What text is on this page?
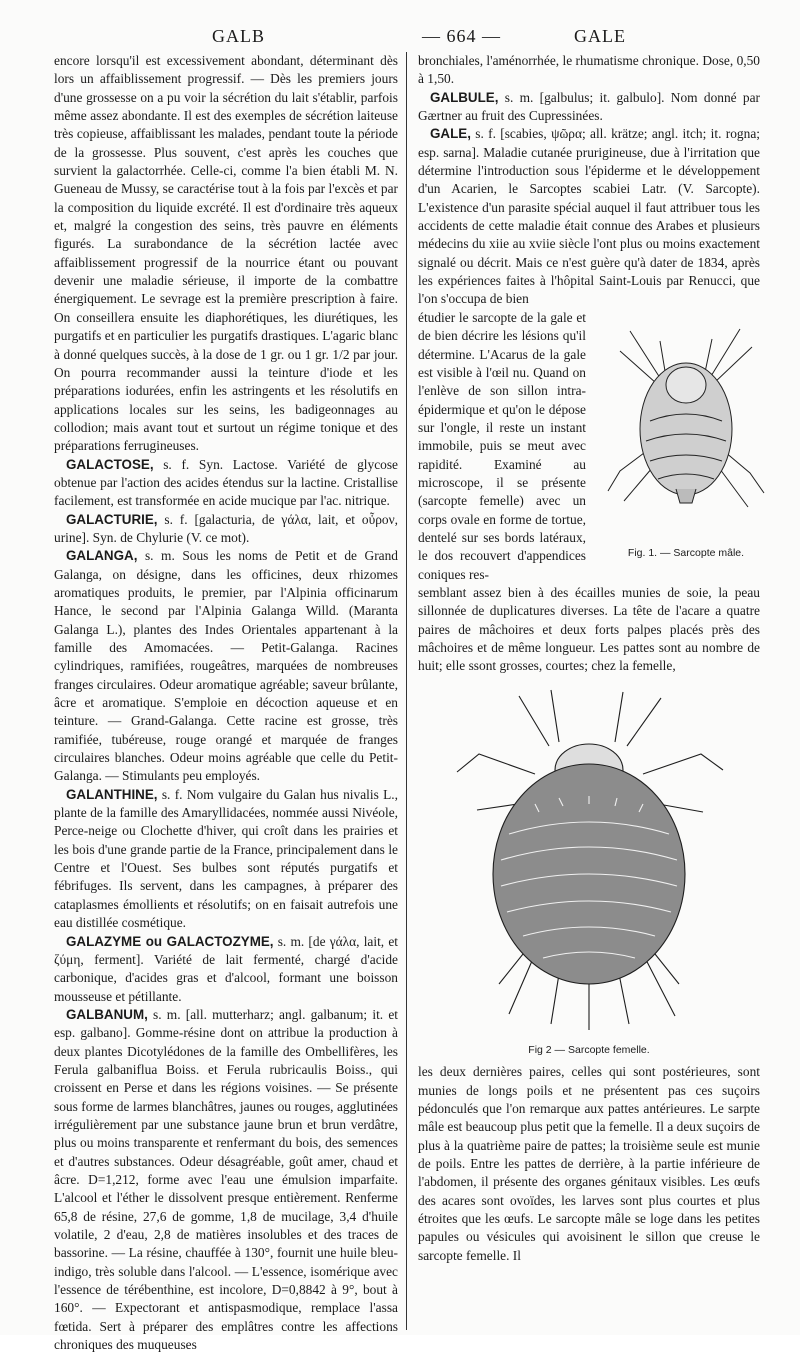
GALB	— 664 —	GALE

encore lorsqu'il est excessivement abondant, déterminant dès lors un affaiblissement progressif. — Dès les premiers jours d'une grossesse on a pu voir la sécrétion du lait s'établir, parfois même assez abondante. Il est des exemples de sécrétion laiteuse très copieuse, affaiblissant les malades, pendant toute la période de la grossesse. Plus souvent, c'est après les couches que survient la galactorrhée. Celle-ci, comme l'a bien établi M. N. Gueneau de Mussy, se caractérise tout à la fois par l'excès et par la composition du liquide excrété. Il est d'ordinaire très aqueux et, malgré la congestion des seins, très pauvre en éléments figurés. La surabondance de la sécrétion lactée avec affaiblissement progressif de la nourrice étant ou pouvant devenir une maladie sérieuse, il importe de la combattre énergiquement. Le sevrage est la première prescription à faire. On conseillera ensuite les diaphorétiques, les diurétiques, les purgatifs et en particulier les purgatifs drastiques. L'agaric blanc à donné quelques succès, à la dose de 1 gr. ou 1 gr. 1/2 par jour. On pourra recommander aussi la teinture d'iode et les préparations iodurées, enfin les astringents et les résolutifs en applications locales sur les seins, les badigeonnages au collodion; mais avant tout et surtout un régime tonique et des préparations ferrugineuses.

GALACTOSE, s. f. Syn. Lactose. Variété de glycose obtenue par l'action des acides étendus sur la lactine. Cristallise facilement, est transformée en acide mucique par l'ac. nitrique.

GALACTURIE, s. f. [galacturia, de γάλα, lait, et οὖρον, urine]. Syn. de Chylurie (V. ce mot).

GALANGA, s. m. Sous les noms de Petit et de Grand Galanga, on désigne, dans les officines, deux rhizomes aromatiques produits, le premier, par l'Alpinia officinarum Hance, le second par l'Alpinia Galanga Willd. (Maranta Galanga L.), plantes des Indes Orientales appartenant à la famille des Amomacées. — Petit-Galanga. Racines cylindriques, ramifiées, rougeâtres, marquées de nombreuses franges circulaires. Odeur aromatique agréable; saveur brûlante, âcre et aromatique. S'emploie en décoction aqueuse et en teinture. — Grand-Galanga. Cette racine est grosse, très ramifiée, tubéreuse, rouge orangé et marquée de franges circulaires blanches. Odeur moins agréable que celle du Petit-Galanga. — Stimulants peu employés.

GALANTHINE, s. f. Nom vulgaire du Galan hus nivalis L., plante de la famille des Amaryllidacées, nommée aussi Nivéole, Perce-neige ou Clochette d'hiver, qui croît dans les prairies et les bois d'une grande partie de la France, principalement dans le Centre et l'Ouest. Ses bulbes sont réputés purgatifs et fébrifuges. Ils servent, dans les campagnes, à préparer des cataplasmes émollients et résolutifs; on en faisait autrefois une eau distillée cosmétique.

GALAZYME ou GALACTOZYME, s. m. [de γάλα, lait, et ζύμη, ferment]. Variété de lait fermenté, chargé d'acide carbonique, d'acides gras et d'alcool, formant une boisson mousseuse et pétillante.

GALBANUM, s. m. [all. mutterharz; angl. galbanum; it. et esp. galbano]. Gomme-résine dont on attribue la production à deux plantes Dicotylédones de la famille des Ombellifères, les Ferula galbaniflua Boiss. et Ferula rubricaulis Boiss., qui croissent en Perse et dans les régions voisines. — Se présente sous forme de larmes blanchâtres, jaunes ou rouges, agglutinées irrégulièrement par une substance jaune brun et brun verdâtre, plus ou moins transparente et renfermant du bois, des semences et d'autres substances. Odeur désagréable, goût amer, chaud et âcre. D=1,212, forme avec l'eau une émulsion imparfaite. L'alcool et l'éther le dissolvent presque entièrement. Renferme 65,8 de résine, 27,6 de gomme, 1,8 de mucilage, 3,4 d'huile volatile, 2 d'eau, 2,8 de matières insolubles et des traces de bassorine. — La résine, chauffée à 130°, fournit une huile bleu-indigo, très soluble dans l'alcool. — L'essence, isomérique avec l'essence de térébenthine, est incolore, D=0,8842 à 9°, bout à 160°. — Expectorant et antispasmodique, remplace l'assa fœtida. Sert à préparer des emplâtres contre les affections chroniques des muqueuses

bronchiales, l'aménorrhée, le rhumatisme chronique. Dose, 0,50 à 1,50.

GALBULE, s. m. [galbulus; it. galbulo]. Nom donné par Gærtner au fruit des Cupressinées.

GALE, s. f. [scabies, ψῶρα; all. krätze; angl. itch; it. rogna; esp. sarna]. Maladie cutanée prurigineuse, due à l'irritation que détermine l'introduction sous l'épiderme et le développement d'un Acarien, le Sarcoptes scabiei Latr. (V. Sarcopte). L'existence d'un parasite spécial auquel il faut attribuer tous les accidents de cette maladie était connue des Arabes et plusieurs médecins du xiie au xviie siècle l'ont plus ou moins exactement signalé ou décrit. Mais ce n'est guère qu'à dater de 1834, après les expériences faites à l'hôpital Saint-Louis par Renucci, que l'on s'occupa de bien

étudier le sarcopte de la gale et de bien décrire les lésions qu'il détermine. L'Acarus de la gale est visible à l'œil nu. Quand on l'enlève de son sillon intra-épidermique et qu'on le dépose sur l'ongle, il reste un instant immobile, puis se meut avec rapidité. Examiné au microscope, il se présente (sarcopte femelle) avec un corps ovale en forme de tortue, dentelé sur ses bords latéraux, le dos recouvert d'appendices coniques res-

Fig. 1. — Sarcopte mâle.

semblant assez bien à des écailles munies de soie, la peau sillonnée de duplicatures diverses. La tête de l'acare a quatre paires de mâchoires et deux forts palpes placés près des mâchoires et de même longueur. Les pattes sont au nombre de huit; elle ssont grosses, courtes; chez la femelle,

Fig 2 — Sarcopte femelle.

les deux dernières paires, celles qui sont postérieures, sont munies de longs poils et ne présentent pas ces suçoirs pédonculés que l'on remarque aux pattes antérieures. Le sarpte mâle est beaucoup plus petit que la femelle. Il a deux suçoirs de plus à la quatrième paire de pattes; la troisième seule est munie de poils. Entre les pattes de derrière, à la partie inférieure de l'abdomen, il présente des organes génitaux visibles. Les œufs des acares sont ovoïdes, les larves sont plus courtes et plus étroites que les œufs. Le sarcopte mâle se loge dans les petites papules ou vésicules qui avoisinent le sillon que creuse le sarcopte femelle. Il
